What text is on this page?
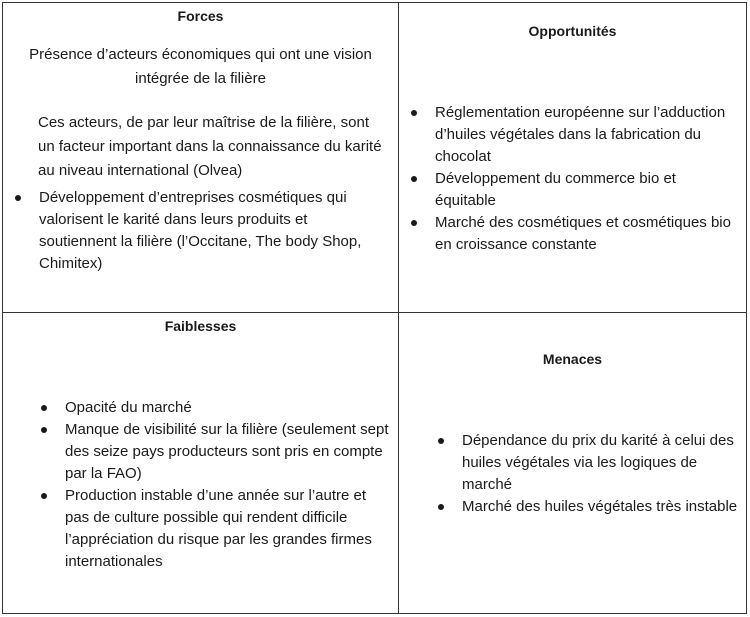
Forces
Présence d’acteurs économiques qui ont une vision intégrée de la filière
Ces acteurs, de par leur maîtrise de la filière, sont un facteur important dans la connaissance du karité au niveau international (Olvea)
Développement d’entreprises cosmétiques qui valorisent le karité dans leurs produits et soutiennent la filière (l’Occitane, The body Shop, Chimitex)
Opportunités
Réglementation européenne sur l’adduction d’huiles végétales dans la fabrication du chocolat
Développement du commerce bio et équitable
Marché des cosmétiques et cosmétiques bio en croissance constante
Faiblesses
Opacité du marché
Manque de visibilité sur la filière (seulement sept des seize pays producteurs sont pris en compte par la FAO)
Production instable d’une année sur l’autre et pas de culture possible qui rendent difficile l’appréciation du risque par les grandes firmes internationales
Menaces
Dépendance du prix du karité à celui des huiles végétales via les logiques de marché
Marché des huiles végétales très instable
